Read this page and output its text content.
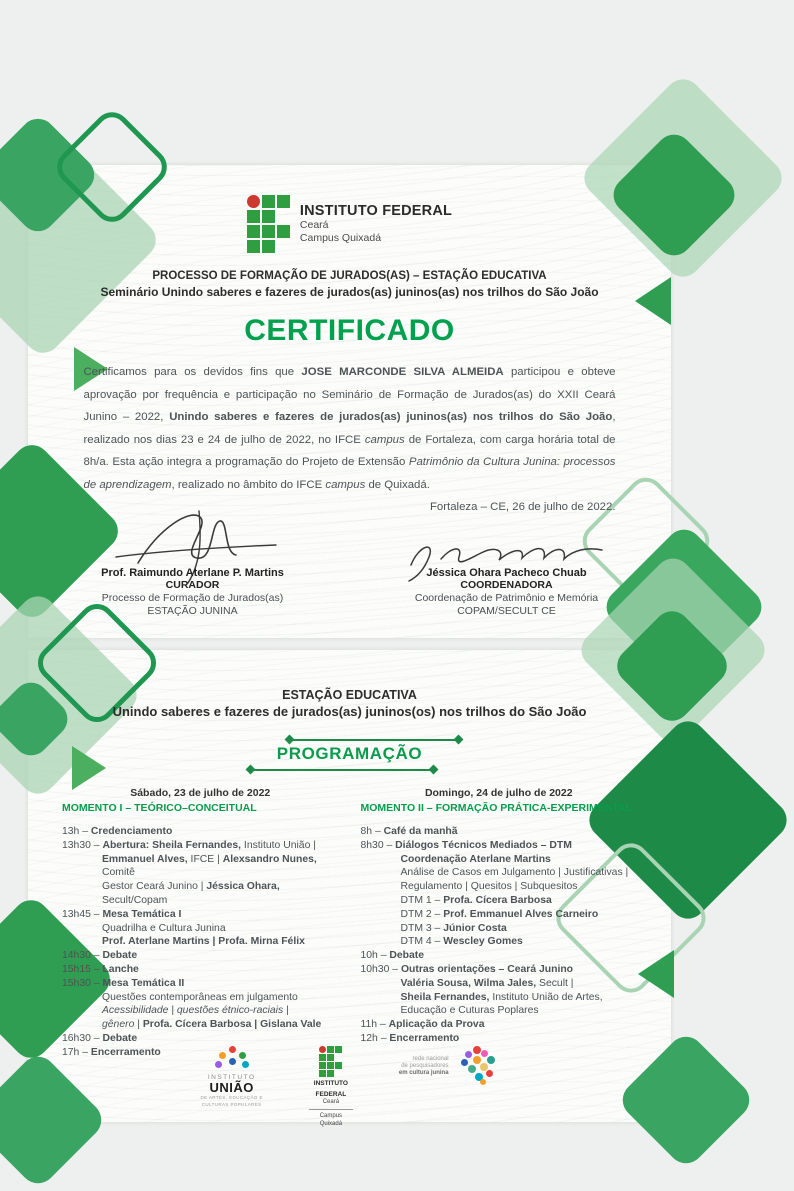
INSTITUTO FEDERAL
Ceará
Campus Quixadá
PROCESSO DE FORMAÇÃO DE JURADOS(AS) – ESTAÇÃO EDUCATIVA
Seminário Unindo saberes e fazeres de jurados(as) juninos(as) nos trilhos do São João
CERTIFICADO
Certificamos para os devidos fins que JOSE MARCONDE SILVA ALMEIDA participou e obteve aprovação por frequência e participação no Seminário de Formação de Jurados(as) do XXII Ceará Junino – 2022, Unindo saberes e fazeres de jurados(as) juninos(as) nos trilhos do São João, realizado nos dias 23 e 24 de julho de 2022, no IFCE campus de Fortaleza, com carga horária total de 8h/a. Esta ação integra a programação do Projeto de Extensão Patrimônio da Cultura Junina: processos de aprendizagem, realizado no âmbito do IFCE campus de Quixadá.
Fortaleza – CE, 26 de julho de 2022.
Prof. Raimundo Aterlane P. Martins
CURADOR
Processo de Formação de Jurados(as)
ESTAÇÃO JUNINA
Jéssica Ohara Pacheco Chuab
COORDENADORA
Coordenação de Patrimônio e Memória
COPAM/SECULT CE
ESTAÇÃO EDUCATIVA
Unindo saberes e fazeres de jurados(as) juninos(os) nos trilhos do São João
PROGRAMAÇÃO
Sábado, 23 de julho de 2022
MOMENTO I – TEÓRICO–CONCEITUAL
13h – Credenciamento
13h30 – Abertura: Sheila Fernandes, Instituto União |
Emmanuel Alves, IFCE | Alexsandro Nunes, Comitê
Gestor Ceará Junino | Jéssica Ohara, Secult/Copam
13h45 – Mesa Temática I
Quadrilha e Cultura Junina
Prof. Aterlane Martins | Profa. Mirna Félix
14h30 – Debate
15h15 – Lanche
15h30 – Mesa Temática II
Questões contemporâneas em julgamento
Acessibilidade | questões étnico-raciais |
gênero | Profa. Cícera Barbosa | Gislana Vale
16h30 – Debate
17h – Encerramento
Domingo, 24 de julho de 2022
MOMENTO II – FORMAÇÃO PRÁTICA-EXPERIMENTAL
8h – Café da manhã
8h30 – Diálogos Técnicos Mediados – DTM
Coordenação Aterlane Martins
Análise de Casos em Julgamento | Justificativas |
Regulamento | Quesitos | Subquesitos
DTM 1 – Profa. Cícera Barbosa
DTM 2 – Prof. Emmanuel Alves Carneiro
DTM 3 – Júnior Costa
DTM 4 – Wescley Gomes
10h – Debate
10h30 – Outras orientações – Ceará Junino
Valéria Sousa, Wilma Jales, Secult |
Sheila Fernandes, Instituto União de Artes,
Educação e Cuturas Poplares
11h – Aplicação da Prova
12h – Encerramento
INSTITUTO
UNIÃO
DE ARTES, EDUCAÇÃO E
CULTURAS POPULARES
INSTITUTO
FEDERAL
Ceará
Campus
Quixadá
rede nacional
de pesquisadores
em cultura junina
